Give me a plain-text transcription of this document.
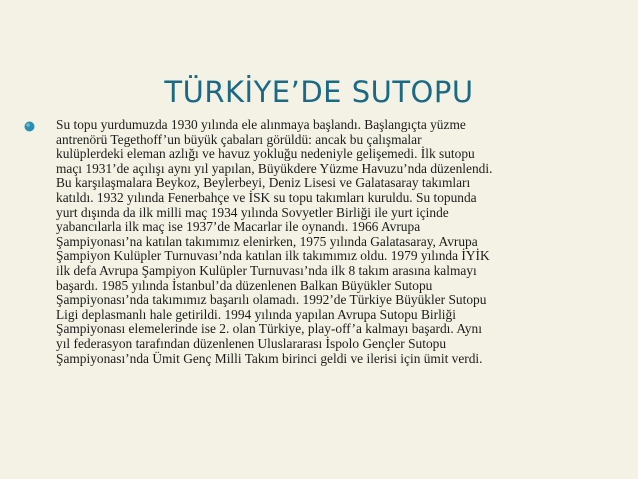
TÜRKİYE’DE SUTOPU
Su topu yurdumuzda 1930 yılında ele alınmaya başlandı. Başlangıçta yüzme
antrenörü Tegethoff’un büyük çabaları görüldü: ancak bu çalışmalar
kulüplerdeki eleman azlığı ve havuz yokluğu nedeniyle gelişemedi. İlk sutopu
maçı 1931’de açılışı aynı yıl yapılan, Büyükdere Yüzme Havuzu’nda düzenlendi.
Bu karşılaşmalara Beykoz, Beylerbeyi, Deniz Lisesi ve Galatasaray takımları
katıldı. 1932 yılında Fenerbahçe ve İSK su topu takımları kuruldu. Su topunda
yurt dışında da ilk milli maç 1934 yılında Sovyetler Birliği ile yurt içinde
yabancılarla ilk maç ise 1937’de Macarlar ile oynandı. 1966 Avrupa
Şampiyonası’na katılan takımımız elenirken, 1975 yılında Galatasaray, Avrupa
Şampiyon Kulüpler Turnuvası’nda katılan ilk takımımız oldu. 1979 yılında İYİK
ilk defa Avrupa Şampiyon Kulüpler Turnuvası’nda ilk 8 takım arasına kalmayı
başardı. 1985 yılında İstanbul’da düzenlenen Balkan Büyükler Sutopu
Şampiyonası’nda takımımız başarılı olamadı. 1992’de Türkiye Büyükler Sutopu
Ligi deplasmanlı hale getirildi. 1994 yılında yapılan Avrupa Sutopu Birliği
Şampiyonası elemelerinde ise 2. olan Türkiye, play-off’a kalmayı başardı. Aynı
yıl federasyon tarafından düzenlenen Uluslararası İspolo Gençler Sutopu
Şampiyonası’nda Ümit Genç Milli Takım birinci geldi ve ilerisi için ümit verdi.
